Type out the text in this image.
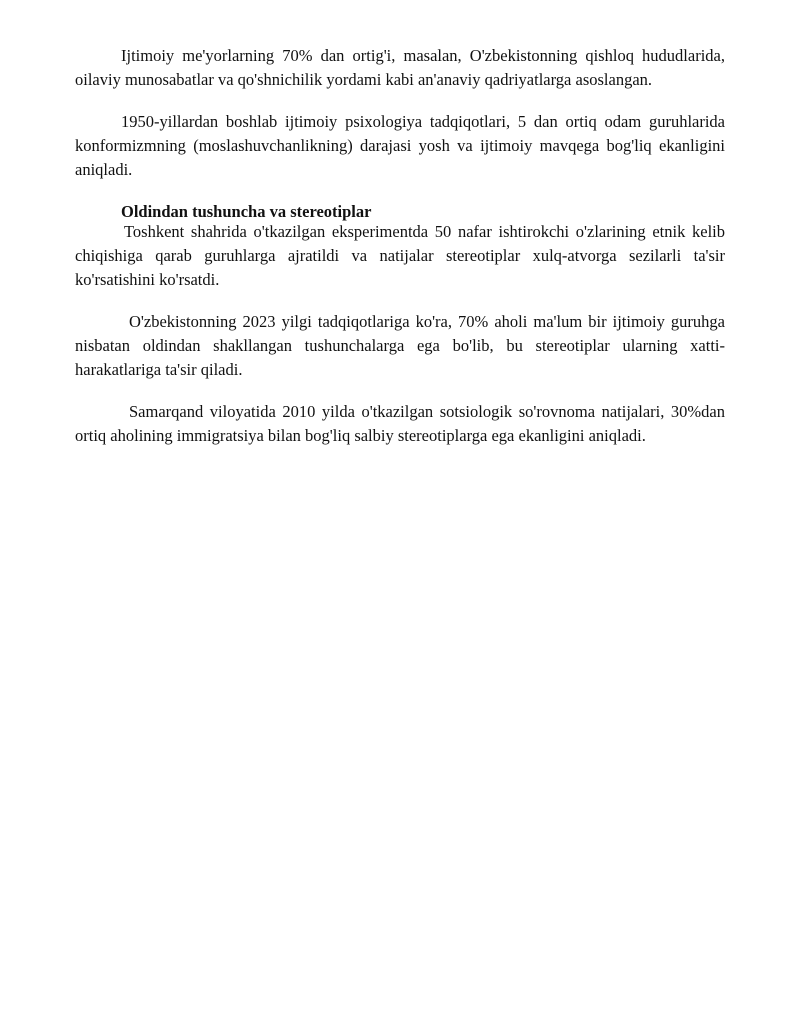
Ijtimoiy me'yorlarning 70% dan ortig'i, masalan, O'zbekistonning qishloq hududlarida, oilaviy munosabatlar va qo'shnichilik yordami kabi an'anaviy qadriyatlarga asoslangan.

1950-yillardan boshlab ijtimoiy psixologiya tadqiqotlari, 5 dan ortiq odam guruhlarida konformizmning (moslashuvchanlikning) darajasi yosh va ijtimoiy mavqega bog'liq ekanligini aniqladi.

Oldindan tushuncha va stereotiplar

Toshkent shahrida o'tkazilgan eksperimentda 50 nafar ishtirokchi o'zlarining etnik kelib chiqishiga qarab guruhlarga ajratildi va natijalar stereotiplar xulq-atvorga sezilarli ta'sir ko'rsatishini ko'rsatdi.

O'zbekistonning 2023 yilgi tadqiqotlariga ko'ra, 70% aholi ma'lum bir ijtimoiy guruhga nisbatan oldindan shakllangan tushunchalarga ega bo'lib, bu stereotiplar ularning xatti-harakatlariga ta'sir qiladi.

Samarqand viloyatida 2010 yilda o'tkazilgan sotsiologik so'rovnoma natijalari, 30%dan ortiq aholining immigratsiya bilan bog'liq salbiy stereotiplarga ega ekanligini aniqladi.
